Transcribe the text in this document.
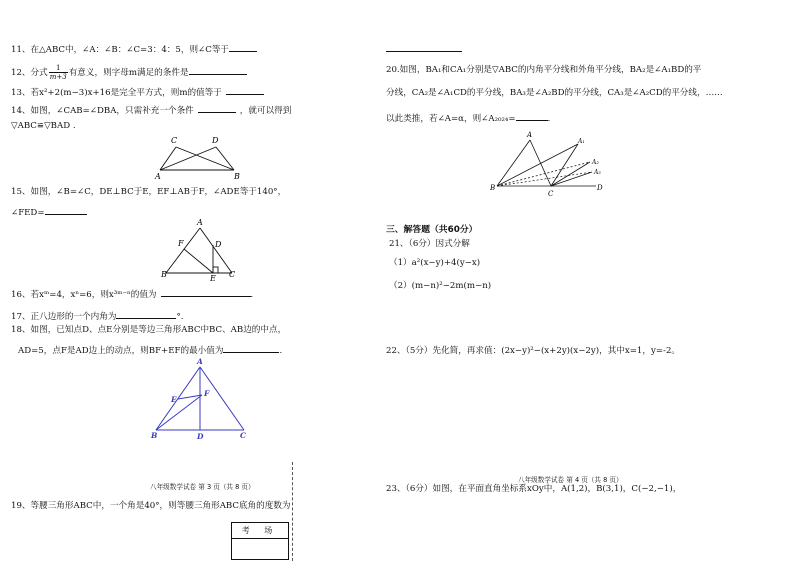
11、在△ABC中，∠A：∠B：∠C=3：4：5，则∠C等于
12、分式 $\frac{1}{m+3}$ 有意义，则字母m满足的条件是
13、若x²+2(m−3)x+16是完全平方式，则m的值等于
14、如图，∠CAB=∠DBA，只需补充一个条件	，就可以得到
▽ABC≌▽BAD .
C	D
A	B
15、如图，∠B=∠C，DE⊥BC于E，EF⊥AB于F，∠ADE等于140°，
∠FED=
A
F	D
B	E C
16、若xᵐ=4，xⁿ=6，则x³ᵐ⁻ⁿ的值为	.
17、正八边形的一个内角为	°.
18、如图，已知点D、点E分别是等边三角形ABC中BC、AB边的中点，
AD=5，点F是AD边上的动点，则BF+EF的最小值为	.
A
E
F
B	D	C
八年级数学试卷 第 3 页（共 8 页）
19、等腰三角形ABC中，一个角是40°，则等腰三角形ABC底角的度数为
考 场
20.如图，BA₁和CA₁分别是▽ABC的内角平分线和外角平分线，BA₂是∠A₁BD的平
分线，CA₂是∠A₁CD的平分线，BA₃是∠A₂BD的平分线，CA₃是∠A₂CD的平分线，……
以此类推，若∠A=α，则∠A₂₀₂₄=	.
A
A₁
A₂
A₃
B
C
D
三、解答题（共60分）
21、（6分）因式分解
（1）a²(x−y)+4(y−x)
（2）(m−n)²−2m(m−n)
22、（5分）先化简，再求值：(2x−y)²−(x+2y)(x−2y)，其中x=1，y=-2。
八年级数学试卷 第 4 页（共 8 页）
23、（6分）如图，在平面直角坐标系xOy中，A(1,2)，B(3,1)，C(−2,−1)，
